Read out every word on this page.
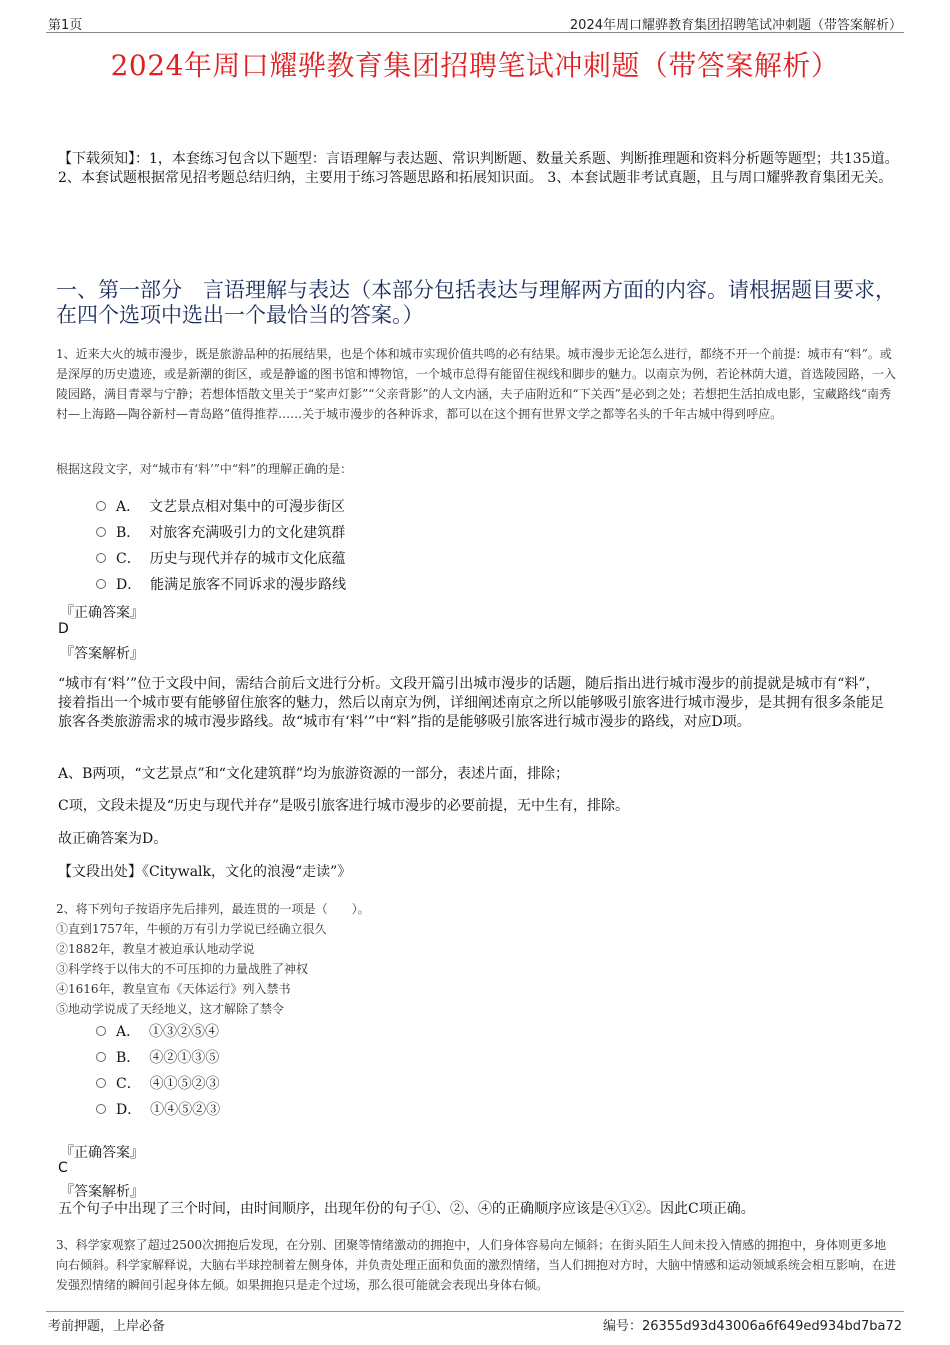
第1页	2024年周口耀骅教育集团招聘笔试冲刺题（带答案解析）
2024年周口耀骅教育集团招聘笔试冲刺题（带答案解析）
【下载须知】：1，本套练习包含以下题型：言语理解与表达题、常识判断题、数量关系题、判断推理题和资料分析题等题型；共135道。 2、本套试题根据常见招考题总结归纳，主要用于练习答题思路和拓展知识面。 3、本套试题非考试真题，且与周口耀骅教育集团无关。
一、第一部分　言语理解与表达（本部分包括表达与理解两方面的内容。请根据题目要求，在四个选项中选出一个最恰当的答案。）
1、近来大火的城市漫步，既是旅游品种的拓展结果，也是个体和城市实现价值共鸣的必有结果。城市漫步无论怎么进行，都绕不开一个前提：城市有“料”。或是深厚的历史遗迹，或是新潮的街区，或是静谧的图书馆和博物馆，一个城市总得有能留住视线和脚步的魅力。以南京为例，若论林荫大道，首选陵园路，一入陵园路，满目青翠与宁静；若想体悟散文里关于“桨声灯影”“父亲背影”的人文内涵，夫子庙附近和“下关西”是必到之处；若想把生活拍成电影，宝藏路线“南秀村—上海路—陶谷新村—青岛路”值得推荐……关于城市漫步的各种诉求，都可以在这个拥有世界文学之都等名头的千年古城中得到呼应。
根据这段文字，对“城市有‘料’”中“料”的理解正确的是：
A． 文艺景点相对集中的可漫步街区
B． 对旅客充满吸引力的文化建筑群
C． 历史与现代并存的城市文化底蕴
D． 能满足旅客不同诉求的漫步路线
『正确答案』
D
『答案解析』
“城市有‘料’”位于文段中间，需结合前后文进行分析。文段开篇引出城市漫步的话题，随后指出进行城市漫步的前提就是城市有“料”，接着指出一个城市要有能够留住旅客的魅力，然后以南京为例，详细阐述南京之所以能够吸引旅客进行城市漫步，是其拥有很多条能足旅客各类旅游需求的城市漫步路线。故“城市有‘料’”中“料”指的是能够吸引旅客进行城市漫步的路线，对应D项。
A、B两项，“文艺景点”和“文化建筑群”均为旅游资源的一部分，表述片面，排除；
C项，文段未提及“历史与现代并存”是吸引旅客进行城市漫步的必要前提，无中生有，排除。
故正确答案为D。
【文段出处】《Citywalk，文化的浪漫“走读”》
2、将下列句子按语序先后排列，最连贯的一项是（　　）。
①直到1757年，牛顿的万有引力学说已经确立很久
②1882年，教皇才被迫承认地动学说
③科学终于以伟大的不可压抑的力量战胜了神权
④1616年，教皇宣布《天体运行》列入禁书
⑤地动学说成了天经地义，这才解除了禁令
A． ①③②⑤④
B． ④②①③⑤
C． ④①⑤②③
D． ①④⑤②③
『正确答案』
C
『答案解析』
五个句子中出现了三个时间，由时间顺序，出现年份的句子①、②、④的正确顺序应该是④①②。因此C项正确。
3、科学家观察了超过2500次拥抱后发现，在分别、团聚等情绪激动的拥抱中，人们身体容易向左倾斜；在街头陌生人间未投入情感的拥抱中，身体则更多地向右倾斜。科学家解释说，大脑右半球控制着左侧身体，并负责处理正面和负面的激烈情绪，当人们拥抱对方时，大脑中情感和运动领域系统会相互影响，在进发强烈情绪的瞬间引起身体左倾。如果拥抱只是走个过场，那么很可能就会表现出身体右倾。
考前押题，上岸必备	编号：26355d93d43006a6f649ed934bd7ba72
